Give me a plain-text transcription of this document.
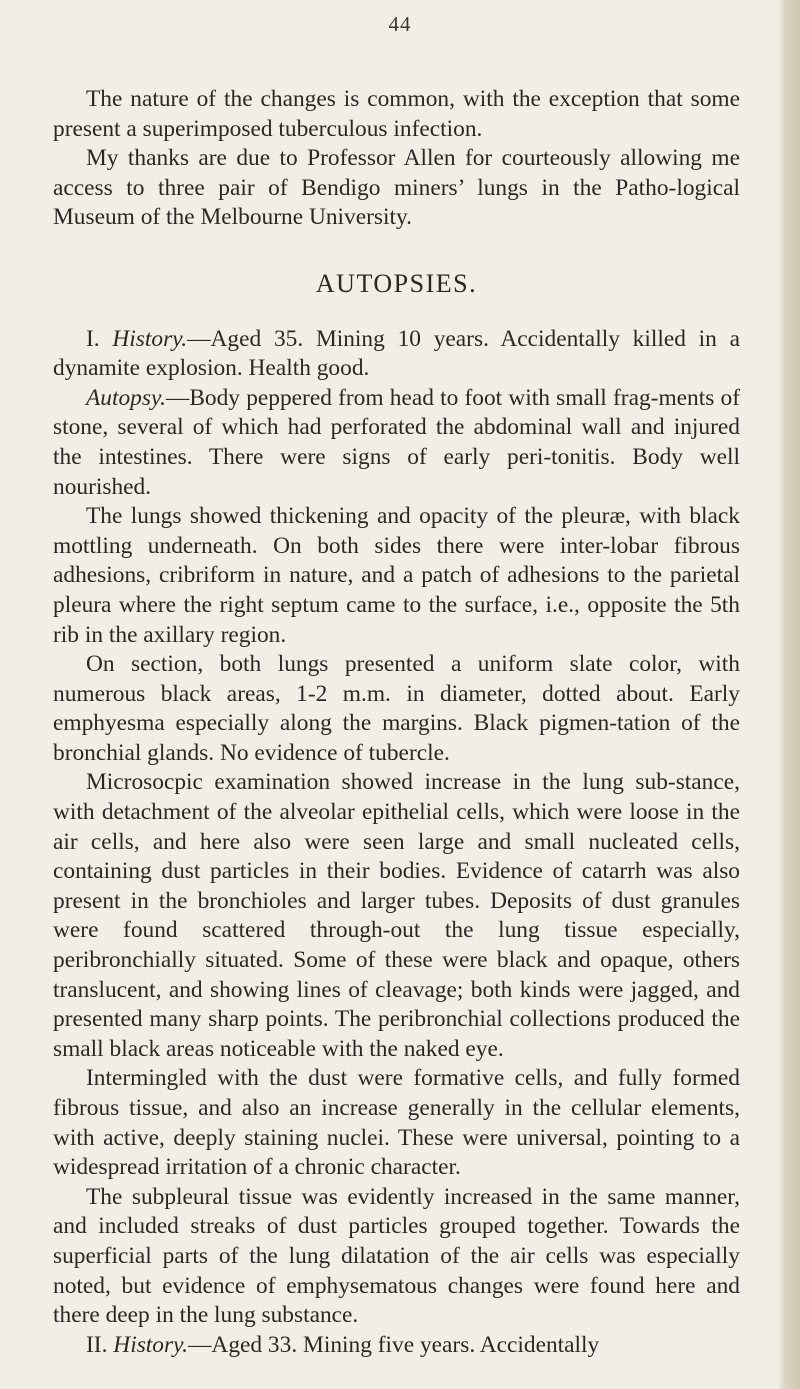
44

The nature of the changes is common, with the exception that some present a superimposed tuberculous infection.

My thanks are due to Professor Allen for courteously allowing me access to three pair of Bendigo miners’ lungs in the Patho-logical Museum of the Melbourne University.

AUTOPSIES.

I. History.—Aged 35. Mining 10 years. Accidentally killed in a dynamite explosion. Health good.

Autopsy.—Body peppered from head to foot with small frag-ments of stone, several of which had perforated the abdominal wall and injured the intestines. There were signs of early peri-tonitis. Body well nourished.

The lungs showed thickening and opacity of the pleuræ, with black mottling underneath. On both sides there were inter-lobar fibrous adhesions, cribriform in nature, and a patch of adhesions to the parietal pleura where the right septum came to the surface, i.e., opposite the 5th rib in the axillary region.

On section, both lungs presented a uniform slate color, with numerous black areas, 1-2 m.m. in diameter, dotted about. Early emphyesma especially along the margins. Black pigmen-tation of the bronchial glands. No evidence of tubercle.

Microsocpic examination showed increase in the lung sub-stance, with detachment of the alveolar epithelial cells, which were loose in the air cells, and here also were seen large and small nucleated cells, containing dust particles in their bodies. Evidence of catarrh was also present in the bronchioles and larger tubes. Deposits of dust granules were found scattered through-out the lung tissue especially, peribronchially situated. Some of these were black and opaque, others translucent, and showing lines of cleavage; both kinds were jagged, and presented many sharp points. The peribronchial collections produced the small black areas noticeable with the naked eye.

Intermingled with the dust were formative cells, and fully formed fibrous tissue, and also an increase generally in the cellular elements, with active, deeply staining nuclei. These were universal, pointing to a widespread irritation of a chronic character.

The subpleural tissue was evidently increased in the same manner, and included streaks of dust particles grouped together. Towards the superficial parts of the lung dilatation of the air cells was especially noted, but evidence of emphysematous changes were found here and there deep in the lung substance.

II. History.—Aged 33. Mining five years. Accidentally
